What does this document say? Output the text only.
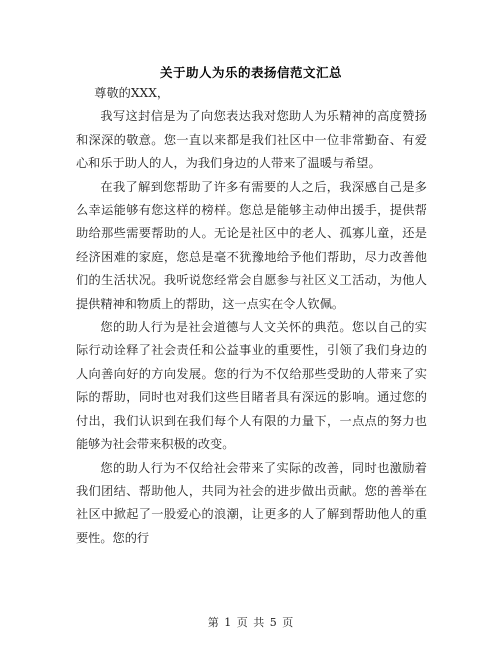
关于助人为乐的表扬信范文汇总

尊敬的XXX，

我写这封信是为了向您表达我对您助人为乐精神的高度赞扬和深深的敬意。您一直以来都是我们社区中一位非常勤奋、有爱心和乐于助人的人，为我们身边的人带来了温暖与希望。

在我了解到您帮助了许多有需要的人之后，我深感自己是多么幸运能够有您这样的榜样。您总是能够主动伸出援手，提供帮助给那些需要帮助的人。无论是社区中的老人、孤寡儿童，还是经济困难的家庭，您总是毫不犹豫地给予他们帮助，尽力改善他们的生活状况。我听说您经常会自愿参与社区义工活动，为他人提供精神和物质上的帮助，这一点实在令人钦佩。

您的助人行为是社会道德与人文关怀的典范。您以自己的实际行动诠释了社会责任和公益事业的重要性，引领了我们身边的人向善向好的方向发展。您的行为不仅给那些受助的人带来了实际的帮助，同时也对我们这些目睹者具有深远的影响。通过您的付出，我们认识到在我们每个人有限的力量下，一点点的努力也能够为社会带来积极的改变。

您的助人行为不仅给社会带来了实际的改善，同时也激励着我们团结、帮助他人，共同为社会的进步做出贡献。您的善举在社区中掀起了一股爱心的浪潮，让更多的人了解到帮助他人的重要性。您的行

第 1 页 共 5 页
